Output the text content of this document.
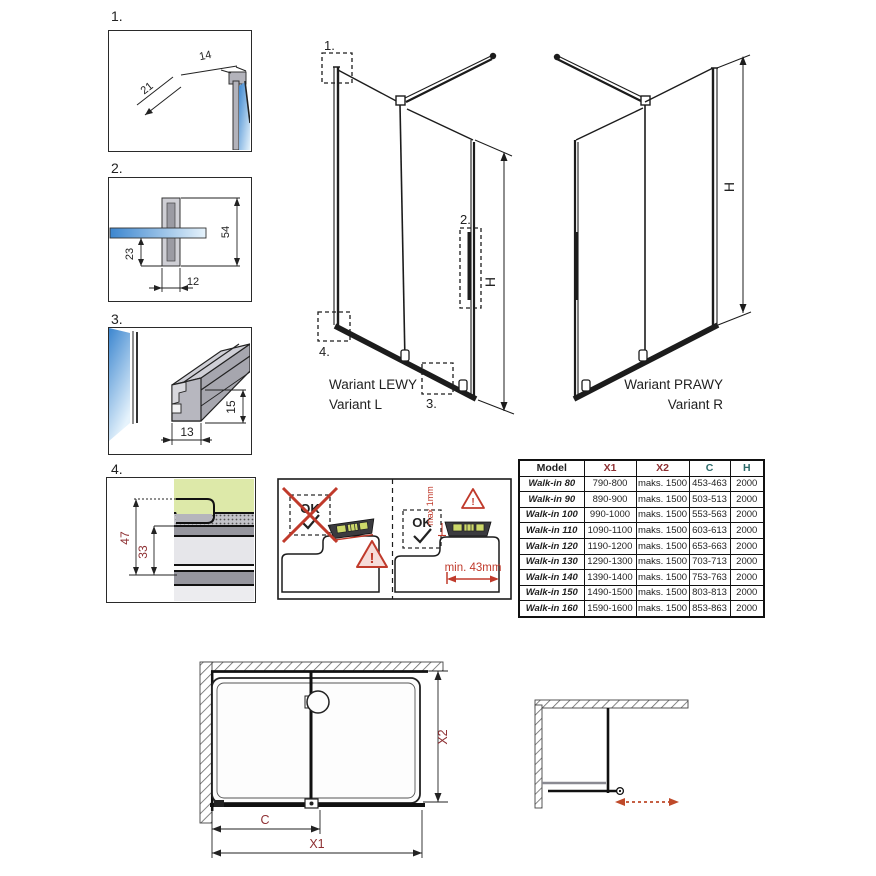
1.
14
21
2.
54
23
12
3.
13
15
4.
47
33
1.
2.
3.
4.
H
Wariant LEWY
Variant L
H
Wariant PRAWY
Variant R
Model	X1	X2	C	H
Walk-in 80	790-800	maks. 1500	453-463	2000
Walk-in 90	890-900	maks. 1500	503-513	2000
Walk-in 100	990-1000	maks. 1500	553-563	2000
Walk-in 110	1090-1100	maks. 1500	603-613	2000
Walk-in 120	1190-1200	maks. 1500	653-663	2000
Walk-in 130	1290-1300	maks. 1500	703-713	2000
Walk-in 140	1390-1400	maks. 1500	753-763	2000
Walk-in 150	1490-1500	maks. 1500	803-813	2000
Walk-in 160	1590-1600	maks. 1500	853-863	2000
OK
!
OK
max 1mm	!
min. 43mm
C
X1
X2
